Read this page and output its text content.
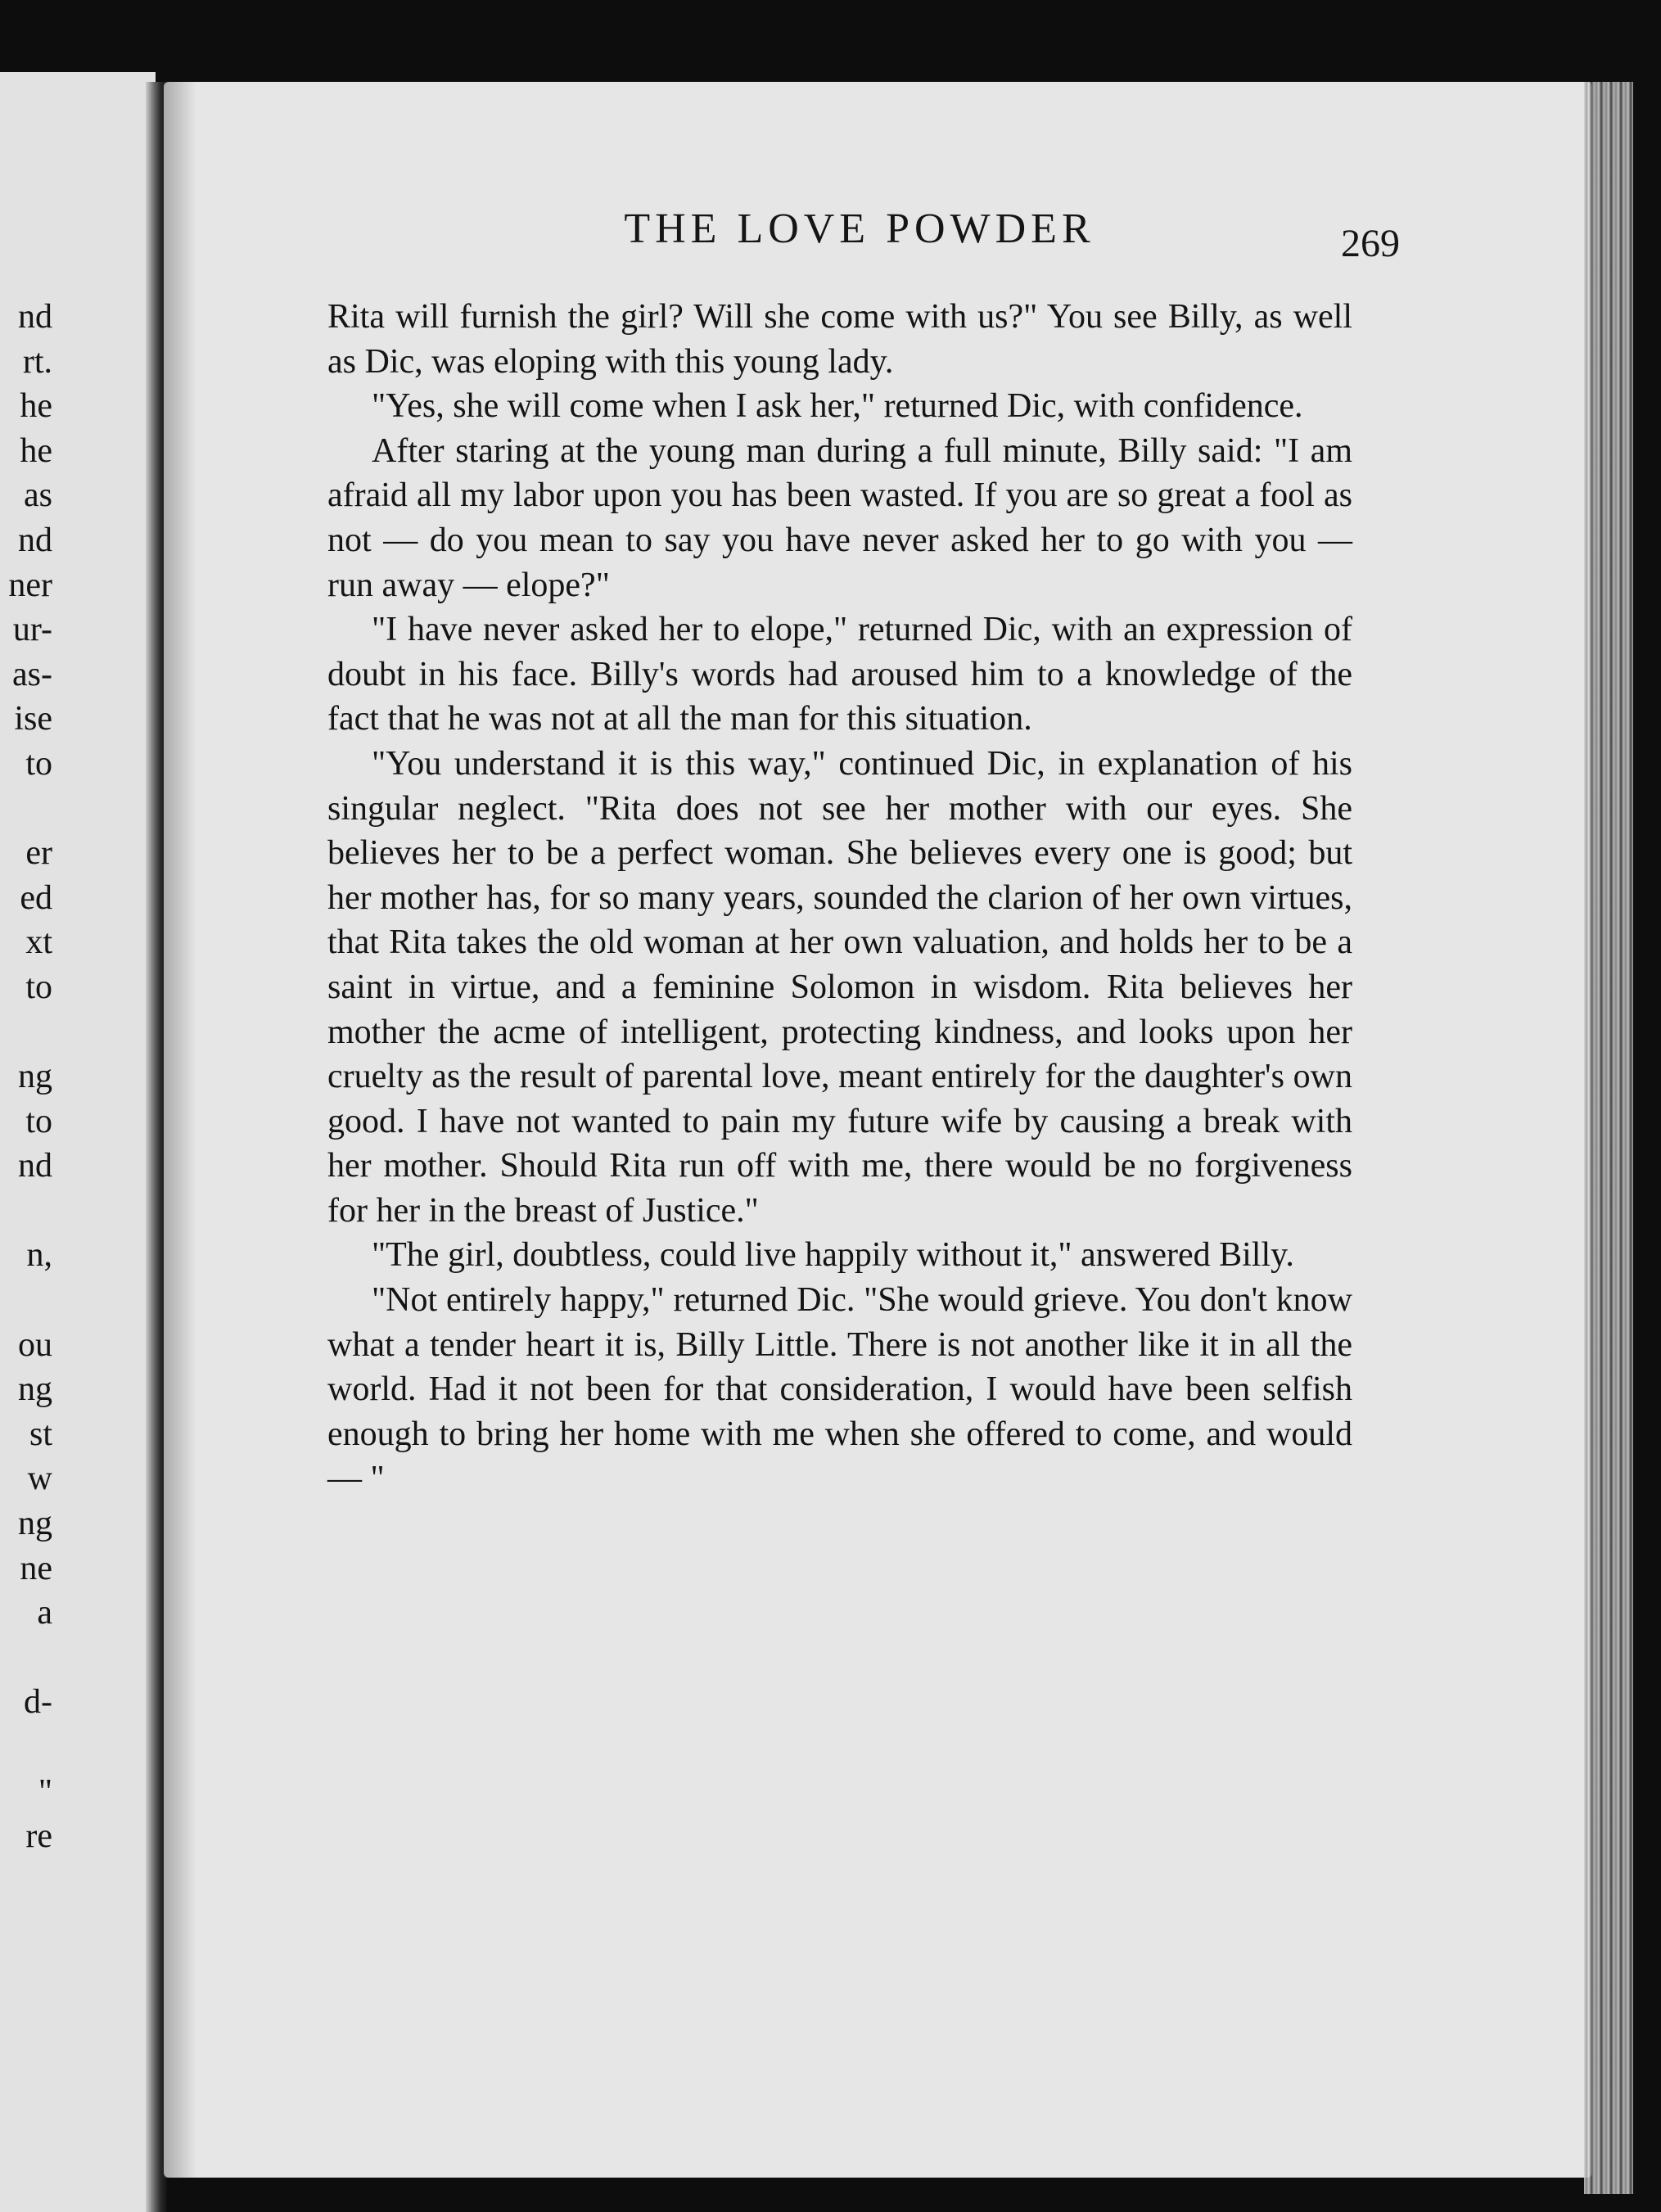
nd
rt.
he
he
as
nd
ner
ur-
as-
ise
to
er
ed
xt
to
ng
to
nd
n,
ou
ng
st
w
ng
ne
a
d-
"
re
THE LOVE POWDER	269

Rita will furnish the girl? Will she come with us?" You see Billy, as well as Dic, was eloping with this young lady.

"Yes, she will come when I ask her," returned Dic, with confidence.

After staring at the young man during a full minute, Billy said: "I am afraid all my labor upon you has been wasted. If you are so great a fool as not — do you mean to say you have never asked her to go with you — run away — elope?"

"I have never asked her to elope," returned Dic, with an expression of doubt in his face. Billy's words had aroused him to a knowledge of the fact that he was not at all the man for this situation.

"You understand it is this way," continued Dic, in explanation of his singular neglect. "Rita does not see her mother with our eyes. She believes her to be a perfect woman. She believes every one is good; but her mother has, for so many years, sounded the clarion of her own virtues, that Rita takes the old woman at her own valuation, and holds her to be a saint in virtue, and a feminine Solomon in wisdom. Rita believes her mother the acme of intelligent, protecting kindness, and looks upon her cruelty as the result of parental love, meant entirely for the daughter's own good. I have not wanted to pain my future wife by causing a break with her mother. Should Rita run off with me, there would be no forgiveness for her in the breast of Justice."

"The girl, doubtless, could live happily without it," answered Billy.

"Not entirely happy," returned Dic. "She would grieve. You don't know what a tender heart it is, Billy Little. There is not another like it in all the world. Had it not been for that consideration, I would have been selfish enough to bring her home with me when she offered to come, and would — "
